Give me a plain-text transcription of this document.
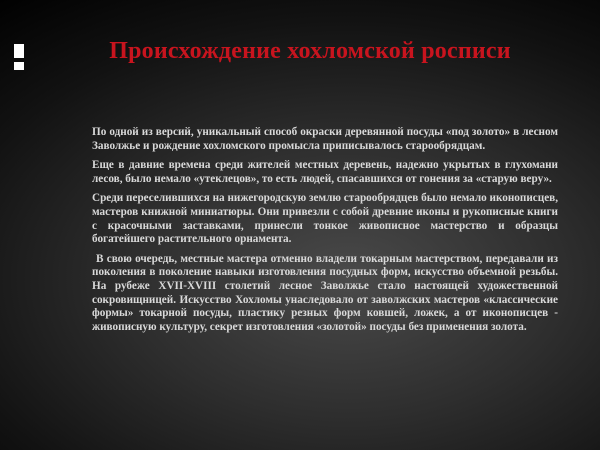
Происхождение хохломской росписи

По одной из версий, уникальный способ окраски деревянной посуды «под золото» в лесном Заволжье и рождение хохломского промысла приписывалось старообрядцам.

Еще в давние времена среди жителей местных деревень, надежно укрытых в глухомани лесов, было немало «утеклецов», то есть людей, спасавшихся от гонения за «старую веру».

Среди переселившихся на нижегородскую землю старообрядцев было немало иконописцев, мастеров книжной миниатюры. Они привезли с собой древние иконы и рукописные книги с красочными заставками, принесли тонкое живописное мастерство и образцы богатейшего растительного орнамента.

В свою очередь, местные мастера отменно владели токарным мастерством, передавали из поколения в поколение навыки изготовления посудных форм, искусство объемной резьбы. На рубеже XVII-XVIII столетий лесное Заволжье стало настоящей художественной сокровищницей. Искусство Хохломы унаследовало от заволжских мастеров «классические формы» токарной посуды, пластику резных форм ковшей, ложек, а от иконописцев - живописную культуру, секрет изготовления «золотой» посуды без применения золота.
